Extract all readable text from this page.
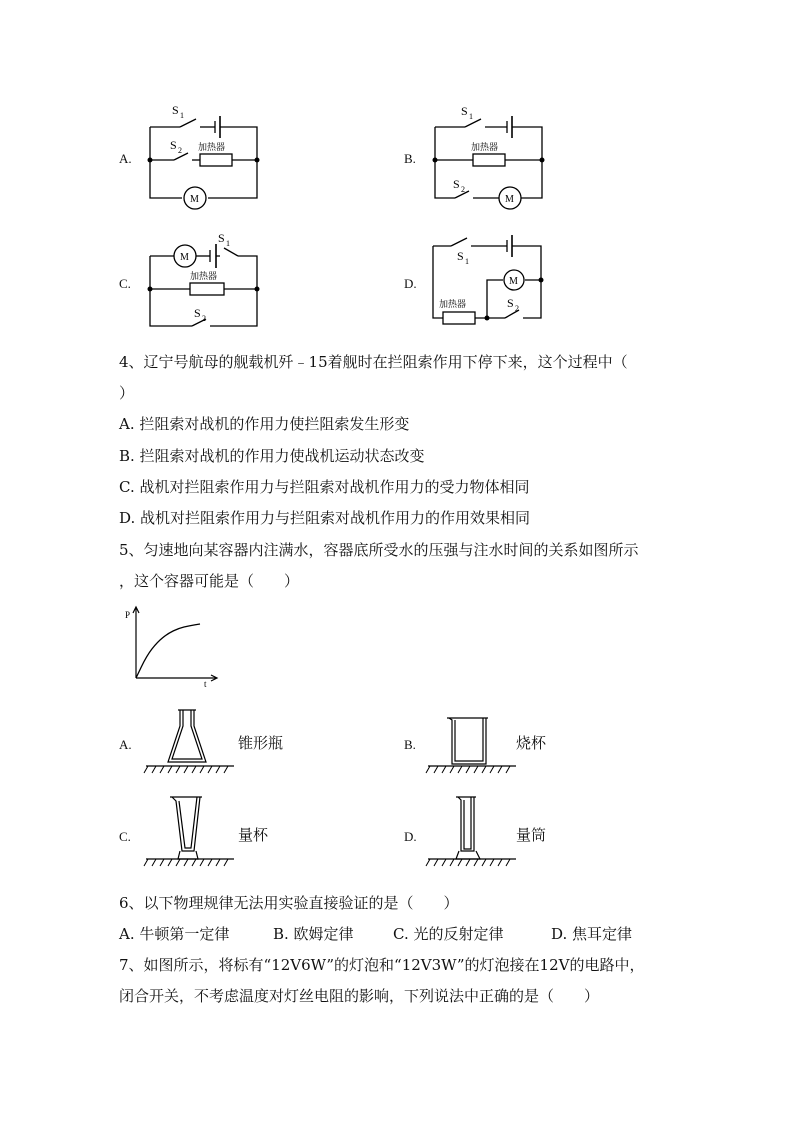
A.
S 1
S 2 加热器
M
B.
S 1
S 2
加热器
M
C.
S 1
S 2
加热器
M
D.
S 1
S 2
加热器
M
4、辽宁号航母的舰载机歼﹣15着舰时在拦阻索作用下停下来，这个过程中（
）
A. 拦阻索对战机的作用力使拦阻索发生形变
B. 拦阻索对战机的作用力使战机运动状态改变
C. 战机对拦阻索作用力与拦阻索对战机作用力的受力物体相同
D. 战机对拦阻索作用力与拦阻索对战机作用力的作用效果相同
5、匀速地向某容器内注满水，容器底所受水的压强与注水时间的关系如图所示
，这个容器可能是（　　）
P
t
A.	锥形瓶	B.	烧杯
C.	量杯	D.	量筒
6、以下物理规律无法用实验直接验证的是（　　）
A. 牛顿第一定律	B. 欧姆定律	C. 光的反射定律	D. 焦耳定律
7、如图所示，将标有“12V6W”的灯泡和“12V3W”的灯泡接在12V的电路中，
闭合开关，不考虑温度对灯丝电阻的影响，下列说法中正确的是（　　）
